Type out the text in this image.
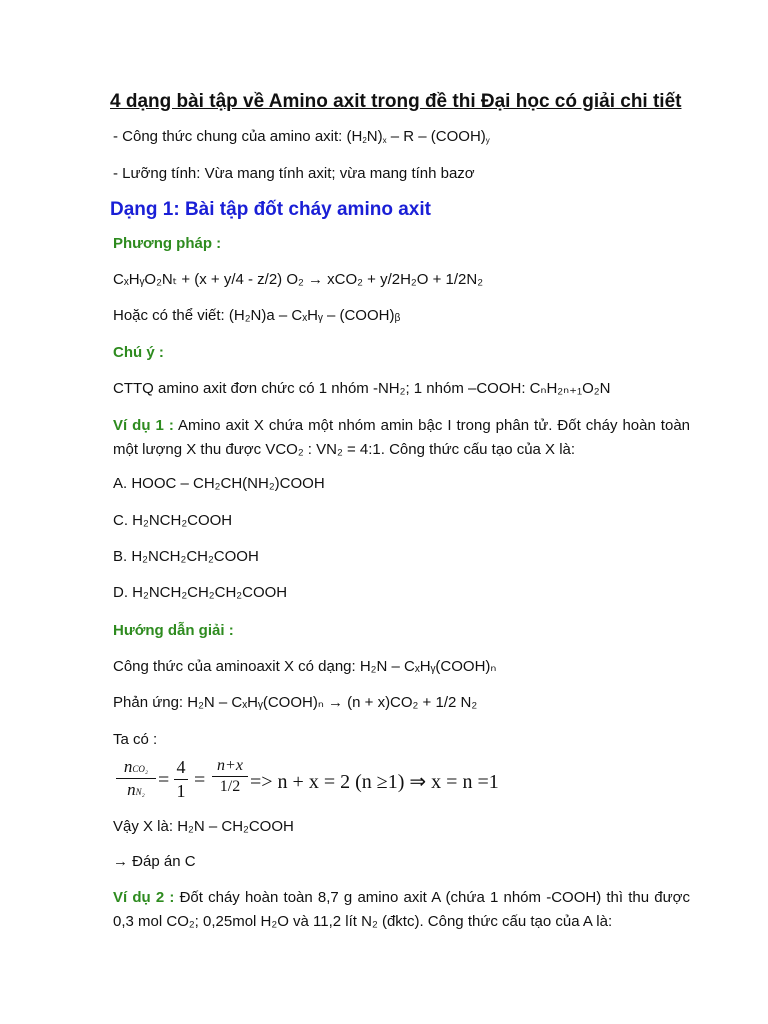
4 dạng bài tập về Amino axit trong đề thi Đại học có giải chi tiết
- Công thức chung của amino axit: $(H_2N)_x$ – R – $(COOH)_y$
- Lưỡng tính: Vừa mang tính axit; vừa mang tính bazơ
Dạng 1: Bài tập đốt cháy amino axit
Phương pháp :
CₓHᵧO₂Nₜ + (x + y/4 - z/2) O₂ → xCO₂ + y/2H₂O + 1/2N₂
Hoặc có thể viết: (H₂N)a – CₓHᵧ – (COOH)ᵦ
Chú ý :
CTTQ amino axit đơn chức có 1 nhóm -NH₂; 1 nhóm –COOH: CₙH₂ₙ₊₁O₂N
Ví dụ 1 : Amino axit X chứa một nhóm amin bậc I trong phân tử. Đốt cháy hoàn toàn một lượng X thu được VCO₂ : VN₂ = 4:1. Công thức cấu tạo của X là:
A. HOOC – CH₂CH(NH₂)COOH
C. H₂NCH₂COOH
B. H₂NCH₂CH₂COOH
D. H₂NCH₂CH₂CH₂COOH
Hướng dẫn giải :
Công thức của aminoaxit X có dạng: H₂N – CₓHᵧ(COOH)ₙ
Phản ứng: H₂N – CₓHᵧ(COOH)ₙ → (n + x)CO₂ + 1/2 N₂
Ta có :
nCO₂
nN₂
=
4
1 =
n+x
1/2 => n + x = 2 (n ≥1) ⇒ x = n =1
Vậy X là: H₂N – CH₂COOH
→ Đáp án C
Ví dụ 2 : Đốt cháy hoàn toàn 8,7 g amino axit A (chứa 1 nhóm -COOH) thì thu được 0,3 mol CO₂; 0,25mol H₂O và 11,2 lít N₂ (đktc). Công thức cấu tạo của A là:
